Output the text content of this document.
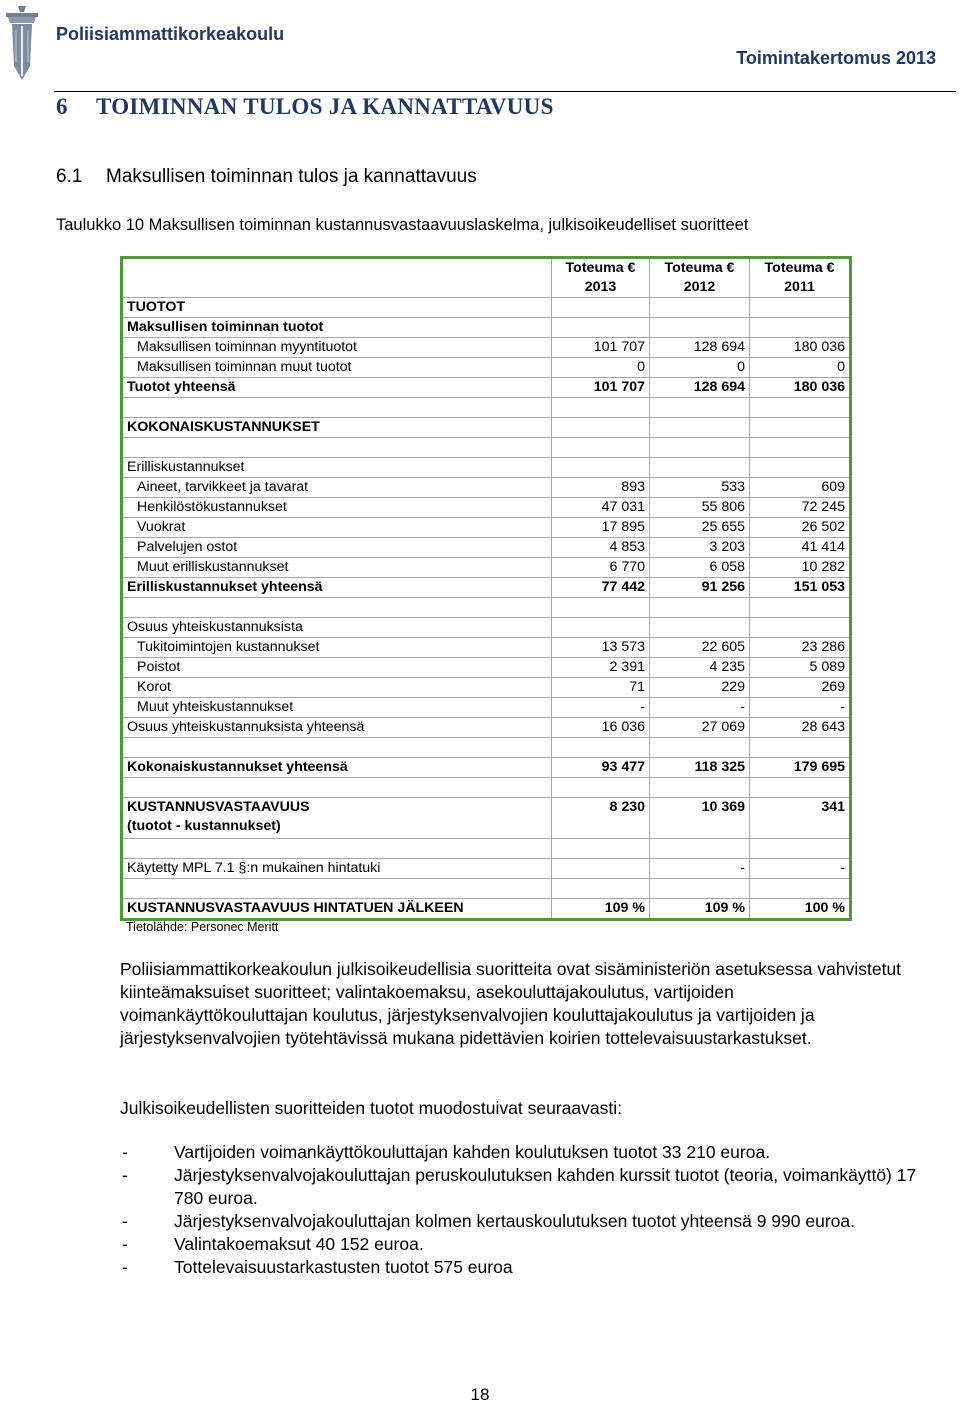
Poliisiammattikorkeakoulu
Toimintakertomus 2013
6 TOIMINNAN TULOS JA KANNATTAVUUS
6.1 Maksullisen toiminnan tulos ja kannattavuus
Taulukko 10 Maksullisen toiminnan kustannusvastaavuuslaskelma, julkisoikeudelliset suoritteet
	Toteuma €
2013	Toteuma €
2012	Toteuma €
2011

TUOTOT			
Maksullisen toiminnan tuotot			
Maksullisen toiminnan myyntituotot	101 707	128 694	180 036
Maksullisen toiminnan muut tuotot	0	0	0
Tuotot yhteensä	101 707	128 694	180 036

KOKONAISKUSTANNUKSET			

Erilliskustannukset			
Aineet, tarvikkeet ja tavarat	893	533	609
Henkilöstökustannukset	47 031	55 806	72 245
Vuokrat	17 895	25 655	26 502
Palvelujen ostot	4 853	3 203	41 414
Muut erilliskustannukset	6 770	6 058	10 282
Erilliskustannukset yhteensä	77 442	91 256	151 053

Osuus yhteiskustannuksista			
Tukitoimintojen kustannukset	13 573	22 605	23 286
Poistot	2 391	4 235	5 089
Korot	71	229	269
Muut yhteiskustannukset	-	-	-
Osuus yhteiskustannuksista yhteensä	16 036	27 069	28 643

Kokonaiskustannukset yhteensä	93 477	118 325	179 695

KUSTANNUSVASTAAVUUS
(tuotot - kustannukset)	8 230	10 369	341

Käytetty MPL 7.1 §:n mukainen hintatuki		-	-

KUSTANNUSVASTAAVUUS HINTATUEN JÄLKEEN	109 %	109 %	100 %
Tietolähde: Personec Meritt

Poliisiammattikorkeakoulun julkisoikeudellisia suoritteita ovat sisäministeriön asetuksessa vahvistetut kiinteämaksuiset suoritteet; valintakoemaksu, asekouluttajakoulutus, vartijoiden voimankäyttökouluttajan koulutus, järjestyksenvalvojien kouluttajakoulutus ja vartijoiden ja järjestyksenvalvojien työtehtävissä mukana pidettävien koirien tottelevaisuustarkastukset.

Julkisoikeudellisten suoritteiden tuotot muodostuivat seuraavasti:

-	Vartijoiden voimankäyttökouluttajan kahden koulutuksen tuotot 33 210 euroa.
-	Järjestyksenvalvojakouluttajan peruskoulutuksen kahden kurssit tuotot (teoria, voimankäyttö) 17 780 euroa.
-	Järjestyksenvalvojakouluttajan kolmen kertauskoulutuksen tuotot yhteensä 9 990 euroa.
-	Valintakoemaksut 40 152 euroa.
-	Tottelevaisuustarkastusten tuotot 575 euroa
18
